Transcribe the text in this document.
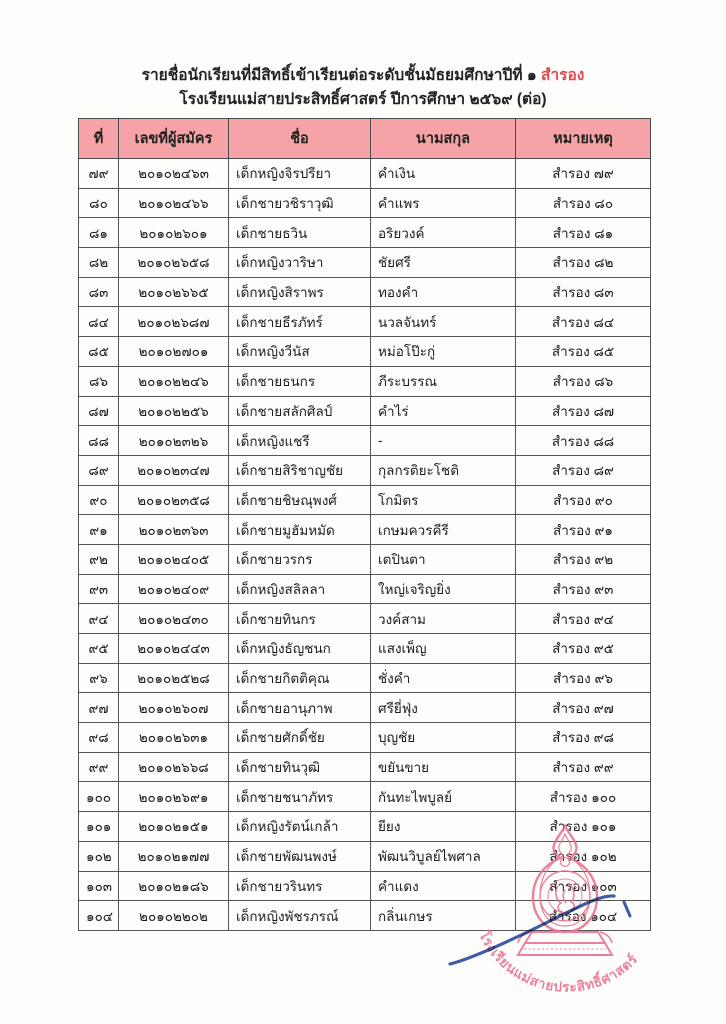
รายชื่อนักเรียนที่มีสิทธิ์เข้าเรียนต่อระดับชั้นมัธยมศึกษาปีที่ ๑ สำรอง
โรงเรียนแม่สายประสิทธิ์ศาสตร์ ปีการศึกษา ๒๕๖๙ (ต่อ)
ที่	เลขที่ผู้สมัคร	ชื่อ	นามสกุล	หมายเหตุ
๗๙	๒๐๑๐๒๔๖๓	เด็กหญิงจิรปรียา	คำเงิน	สำรอง ๗๙
๘๐	๒๐๑๐๒๔๖๖	เด็กชายวชิราวุฒิ	คำแพร	สำรอง ๘๐
๘๑	๒๐๑๐๒๖๐๑	เด็กชายธวิน	อริยวงค์	สำรอง ๘๑
๘๒	๒๐๑๐๒๖๕๘	เด็กหญิงวาริษา	ชัยศรี	สำรอง ๘๒
๘๓	๒๐๑๐๒๖๖๕	เด็กหญิงสิราพร	ทองคำ	สำรอง ๘๓
๘๔	๒๐๑๐๒๖๘๗	เด็กชายธีรภัทร์	นวลจันทร์	สำรอง ๘๔
๘๕	๒๐๑๐๒๗๐๑	เด็กหญิงวีนัส	หม่อโป๊ะกู่	สำรอง ๘๕
๘๖	๒๐๑๐๒๒๔๖	เด็กชายธนกร	ภีระบรรณ	สำรอง ๘๖
๘๗	๒๐๑๐๒๒๕๖	เด็กชายสลักศิลป์	คำไร่	สำรอง ๘๗
๘๘	๒๐๑๐๒๓๒๖	เด็กหญิงแชรี	-	สำรอง ๘๘
๘๙	๒๐๑๐๒๓๔๗	เด็กชายสิริชาญชัย	กุลกรติยะโชติ	สำรอง ๘๙
๙๐	๒๐๑๐๒๓๕๘	เด็กชายชิษณุพงศ์	โกมิตร	สำรอง ๙๐
๙๑	๒๐๑๐๒๓๖๓	เด็กชายมูฮัมหมัด	เกษมควรคีรี	สำรอง ๙๑
๙๒	๒๐๑๐๒๔๐๕	เด็กชายวรกร	เตปินตา	สำรอง ๙๒
๙๓	๒๐๑๐๒๔๐๙	เด็กหญิงสลิลลา	ใหญ่เจริญยิ่ง	สำรอง ๙๓
๙๔	๒๐๑๐๒๔๓๐	เด็กชายทินกร	วงค์สาม	สำรอง ๙๔
๙๕	๒๐๑๐๒๔๔๓	เด็กหญิงธัญชนก	แสงเพ็ญ	สำรอง ๙๕
๙๖	๒๐๑๐๒๕๒๘	เด็กชายกิตติคุณ	ชั่งคำ	สำรอง ๙๖
๙๗	๒๐๑๐๒๖๐๗	เด็กชายอานุภาพ	ศรียี่ฟุ่ง	สำรอง ๙๗
๙๘	๒๐๑๐๒๖๓๑	เด็กชายศักดิ์ชัย	บุญชัย	สำรอง ๙๘
๙๙	๒๐๑๐๒๖๖๘	เด็กชายทินวุฒิ	ขยันขาย	สำรอง ๙๙
๑๐๐	๒๐๑๐๒๖๙๑	เด็กชายชนาภัทร	กันทะไพบูลย์	สำรอง ๑๐๐
๑๐๑	๒๐๑๐๒๑๕๑	เด็กหญิงรัตน์เกล้า	ยียง	สำรอง ๑๐๑
๑๐๒	๒๐๑๐๒๑๗๗	เด็กชายพัฒนพงษ์	พัฒนวิบูลย์ไพศาล	สำรอง ๑๐๒
๑๐๓	๒๐๑๐๒๑๘๖	เด็กชายวรินทร	คำแดง	สำรอง ๑๐๓
๑๐๔	๒๐๑๐๒๒๐๒	เด็กหญิงพัชรภรณ์	กลิ่นเกษร	สำรอง ๑๐๔
โรงเรียนแม่สายประสิทธิ์ศาสตร์
